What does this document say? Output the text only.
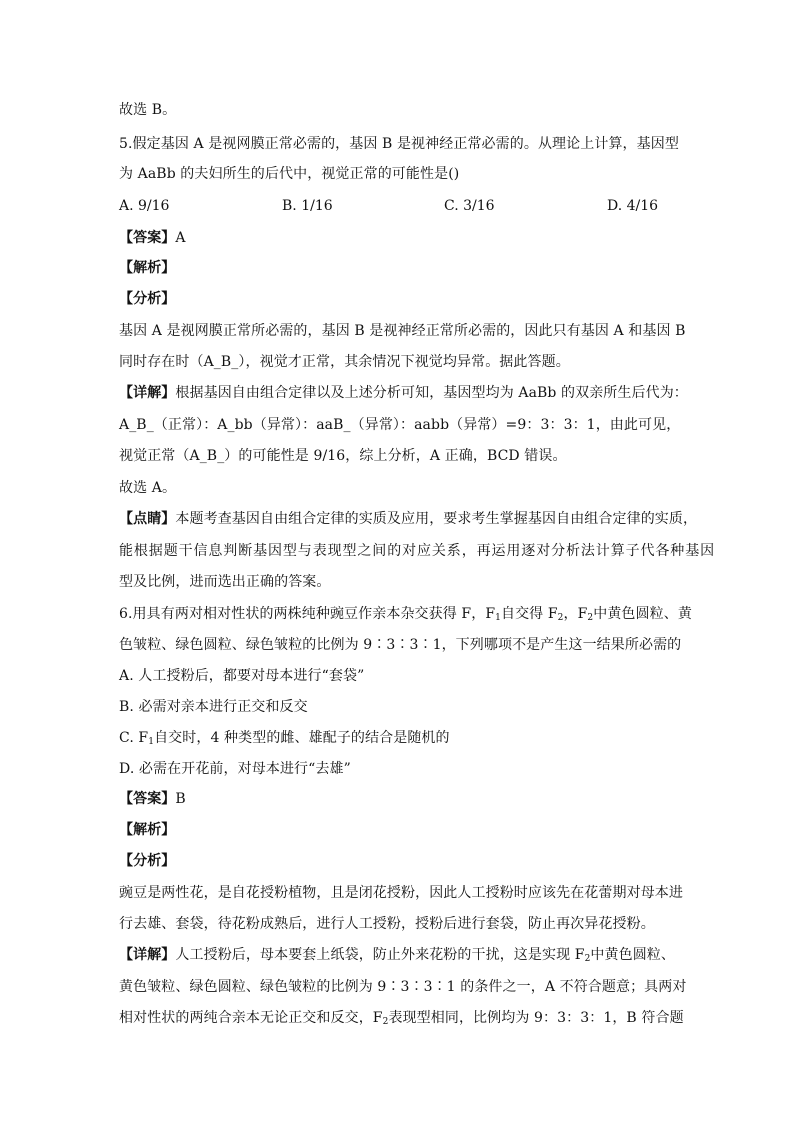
故选 B。
5.假定基因 A 是视网膜正常必需的，基因 B 是视神经正常必需的。从理论上计算，基因型
为 AaBb 的夫妇所生的后代中，视觉正常的可能性是()
A. 9/16	B. 1/16	C. 3/16	D. 4/16
【答案】A
【解析】
【分析】
基因 A 是视网膜正常所必需的，基因 B 是视神经正常所必需的，因此只有基因 A 和基因 B
同时存在时（A_B_），视觉才正常，其余情况下视觉均异常。据此答题。
【详解】根据基因自由组合定律以及上述分析可知，基因型均为 AaBb 的双亲所生后代为：
A_B_（正常）：A_bb（异常）：aaB_（异常）：aabb（异常）=9：3：3：1，由此可见，
视觉正常（A_B_）的可能性是 9/16，综上分析，A 正确，BCD 错误。
故选 A。
【点睛】本题考查基因自由组合定律的实质及应用，要求考生掌握基因自由组合定律的实质，
能根据题干信息判断基因型与表现型之间的对应关系，再运用逐对分析法计算子代各种基因
型及比例，进而选出正确的答案。
6.用具有两对相对性状的两株纯种豌豆作亲本杂交获得 F，$F_1$自交得 $F_2$，$F_2$中黄色圆粒、黄
色皱粒、绿色圆粒、绿色皱粒的比例为 9∶3∶3∶1，下列哪项不是产生这一结果所必需的
A. 人工授粉后，都要对母本进行“套袋”
B. 必需对亲本进行正交和反交
C. $F_1$自交时，4 种类型的雌、雄配子的结合是随机的
D. 必需在开花前，对母本进行“去雄”
【答案】B
【解析】
【分析】
豌豆是两性花，是自花授粉植物，且是闭花授粉，因此人工授粉时应该先在花蕾期对母本进
行去雄、套袋，待花粉成熟后，进行人工授粉，授粉后进行套袋，防止再次异花授粉。
【详解】人工授粉后，母本要套上纸袋，防止外来花粉的干扰，这是实现 $F_2$中黄色圆粒、
黄色皱粒、绿色圆粒、绿色皱粒的比例为 9∶3∶3∶1 的条件之一，A 不符合题意；具两对
相对性状的两纯合亲本无论正交和反交，$F_2$表现型相同，比例均为 9：3：3：1，B 符合题
